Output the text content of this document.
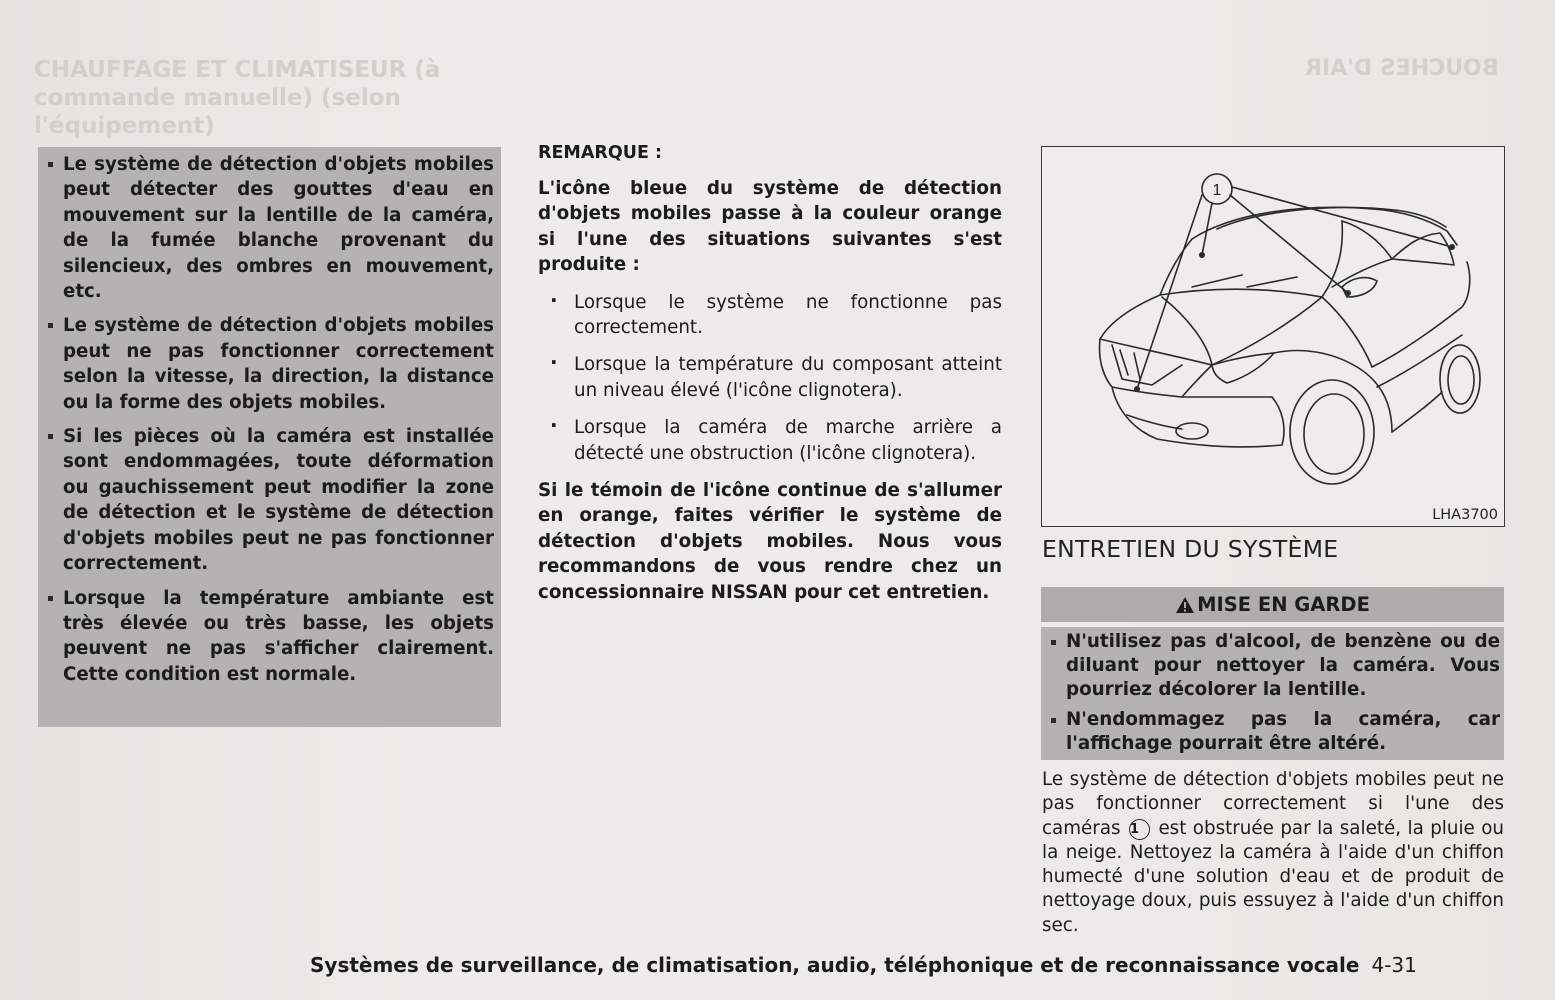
CHAUFFAGE ET CLIMATISEUR (à commande manuelle) (selon l'équipement)
BOUCHES D'AIR
Le système de détection d'objets mobiles peut détecter des gouttes d'eau en mouvement sur la lentille de la caméra, de la fumée blanche provenant du silencieux, des ombres en mouvement, etc.
Le système de détection d'objets mobiles peut ne pas fonctionner correctement selon la vitesse, la direction, la distance ou la forme des objets mobiles.
Si les pièces où la caméra est installée sont endommagées, toute déformation ou gauchissement peut modifier la zone de détection et le système de détection d'objets mobiles peut ne pas fonctionner correctement.
Lorsque la température ambiante est très élevée ou très basse, les objets peuvent ne pas s'afficher clairement. Cette condition est normale.
REMARQUE :
L'icône bleue du système de détection d'objets mobiles passe à la couleur orange si l'une des situations suivantes s'est produite :
· Lorsque le système ne fonctionne pas correctement.
· Lorsque la température du composant atteint un niveau élevé (l'icône clignotera).
· Lorsque la caméra de marche arrière a détecté une obstruction (l'icône clignotera).
Si le témoin de l'icône continue de s'allumer en orange, faites vérifier le système de détection d'objets mobiles. Nous vous recommandons de vous rendre chez un concessionnaire NISSAN pour cet entretien.
1
LHA3700
ENTRETIEN DU SYSTÈME
MISE EN GARDE
N'utilisez pas d'alcool, de benzène ou de diluant pour nettoyer la caméra. Vous pourriez décolorer la lentille.
N'endommagez pas la caméra, car l'affichage pourrait être altéré.
Le système de détection d'objets mobiles peut ne pas fonctionner correctement si l'une des caméras 1 est obstruée par la saleté, la pluie ou la neige. Nettoyez la caméra à l'aide d'un chiffon humecté d'une solution d'eau et de produit de nettoyage doux, puis essuyez à l'aide d'un chiffon sec.
Systèmes de surveillance, de climatisation, audio, téléphonique et de reconnaissance vocale 4-31
